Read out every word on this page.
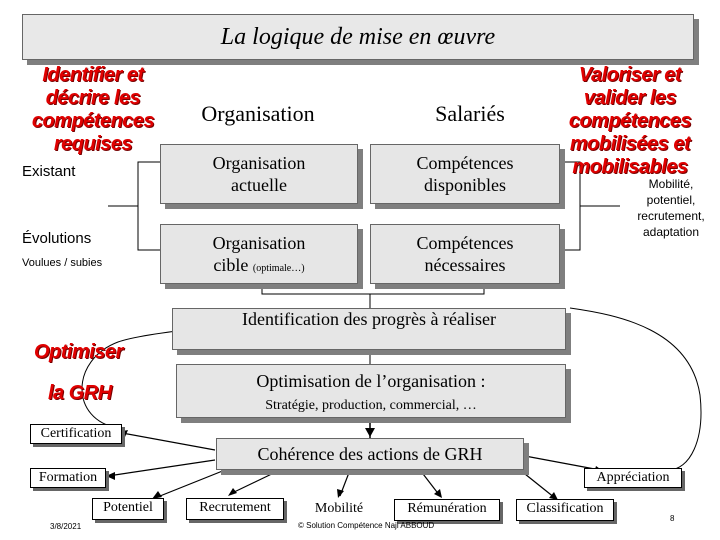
La logique de mise en œuvre
Identifier et
décrire les
compétences
requises
Existant
Évolutions
Voulues / subies
Valoriser et
valider les
compétences
mobilisées et
mobilisables
Mobilité,
potentiel,
recrutement,
adaptation
Organisation	Salariés
Organisation
actuelle
Compétences
disponibles
Organisation
cible (optimale…)
Compétences
nécessaires
Identification des progrès à réaliser
Optimiser
la GRH
Optimisation de l’organisation :
Stratégie, production, commercial, …
Cohérence des actions de GRH
Certification
Formation
Potentiel	Recrutement	Mobilité	Rémunération
Appréciation
Classification
3/8/2021	© Solution Compétence Naji ABBOUD
8
